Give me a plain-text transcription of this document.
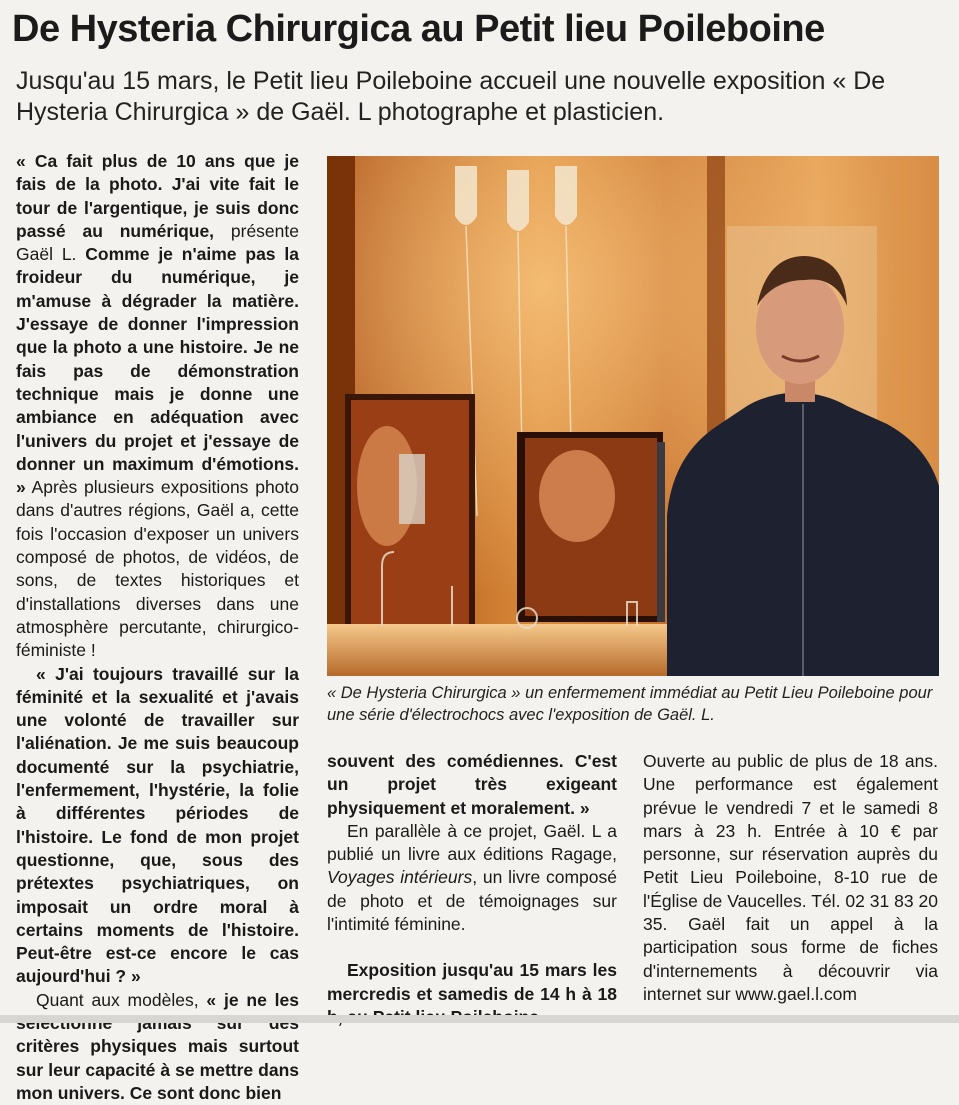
De Hysteria Chirurgica au Petit lieu Poileboine
Jusqu'au 15 mars, le Petit lieu Poileboine accueil une nouvelle exposition « De Hysteria Chirurgica » de Gaël. L photographe et plasticien.

« Ca fait plus de 10 ans que je fais de la photo. J'ai vite fait le tour de l'argentique, je suis donc passé au numérique, présente Gaël L. Comme je n'aime pas la froideur du numérique, je m'amuse à dégrader la matière. J'essaye de donner l'impression que la photo a une histoire. Je ne fais pas de démonstration technique mais je donne une ambiance en adéquation avec l'univers du projet et j'essaye de donner un maximum d'émotions. » Après plusieurs expositions photo dans d'autres régions, Gaël a, cette fois l'occasion d'exposer un univers composé de photos, de vidéos, de sons, de textes historiques et d'installations diverses dans une atmosphère percutante, chirurgico-féministe !

« J'ai toujours travaillé sur la féminité et la sexualité et j'avais une volonté de travailler sur l'aliénation. Je me suis beaucoup documenté sur la psychiatrie, l'enfermement, l'hystérie, la folie à différentes périodes de l'histoire. Le fond de mon projet questionne, que, sous des prétextes psychiatriques, on imposait un ordre moral à certains moments de l'histoire. Peut-être est-ce encore le cas aujourd'hui ? »

Quant aux modèles, « je ne les critères physiques mais surtout sur leur capacité à se mettre dans mon univers. Ce sont donc bien

« De Hysteria Chirurgica » un enfermement immédiat au Petit Lieu Poileboine pour une série d'électrochocs avec l'exposition de Gaël. L.

souvent des comédiennes. C'est un projet très exigeant physiquement et moralement. »

En parallèle à ce projet, Gaël. L a publié un livre aux éditions Ragage, Voyages intérieurs, un livre composé de photo et de témoignages sur l'intimité féminine.

Exposition jusqu'au 15 mars les mercredis et samedis de 14 h à 18

Ouverte au public de plus de 18 ans. Une performance est également prévue le vendredi 7 et le samedi 8 mars à 23 h. Entrée à 10 € par personne, sur réservation auprès du Petit Lieu Poileboine, 8-10 rue de l'Église de Vaucelles. Tél. 02 31 83 20 35. Gaël fait un appel à la participation sous forme de fiches d'internements à découvrir via internet sur www.gael.l.com
